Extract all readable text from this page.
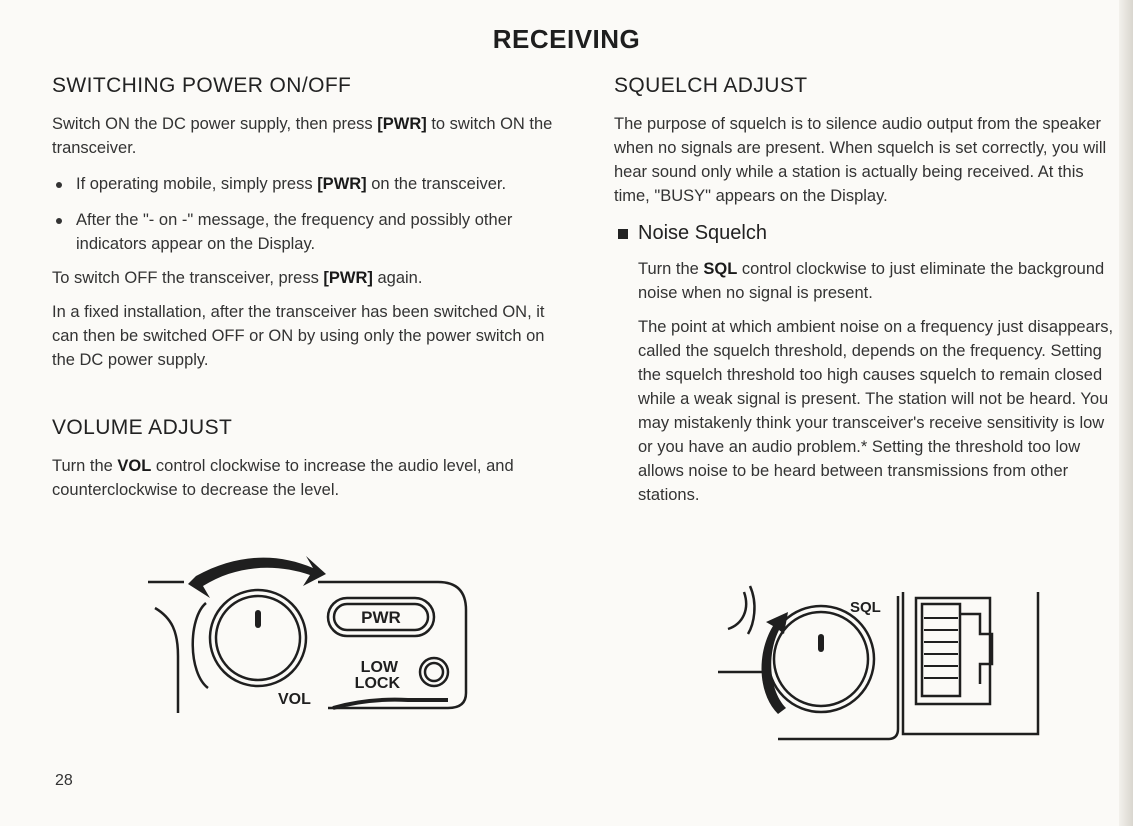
RECEIVING
SWITCHING POWER ON/OFF

Switch ON the DC power supply, then press [PWR] to switch ON the transceiver.

If operating mobile, simply press [PWR] on the transceiver.

After the "- on -" message, the frequency and possibly other indicators appear on the Display.

To switch OFF the transceiver, press [PWR] again.

In a fixed installation, after the transceiver has been switched ON, it can then be switched OFF or ON by using only the power switch on the DC power supply.

VOLUME ADJUST

Turn the VOL control clockwise to increase the audio level, and counterclockwise to decrease the level.

SQUELCH ADJUST

The purpose of squelch is to silence audio output from the speaker when no signals are present. When squelch is set correctly, you will hear sound only while a station is actually being received. At this time, "BUSY" appears on the Display.

Noise Squelch

Turn the SQL control clockwise to just eliminate the background noise when no signal is present.

The point at which ambient noise on a frequency just disappears, called the squelch threshold, depends on the frequency. Setting the squelch threshold too high causes squelch to remain closed while a weak signal is present. The station will not be heard. You may mistakenly think your transceiver's receive sensitivity is low or you have an audio problem.* Setting the threshold too low allows noise to be heard between transmissions from other stations.

PWR
LOW
LOCK
VOL
SQL
28
